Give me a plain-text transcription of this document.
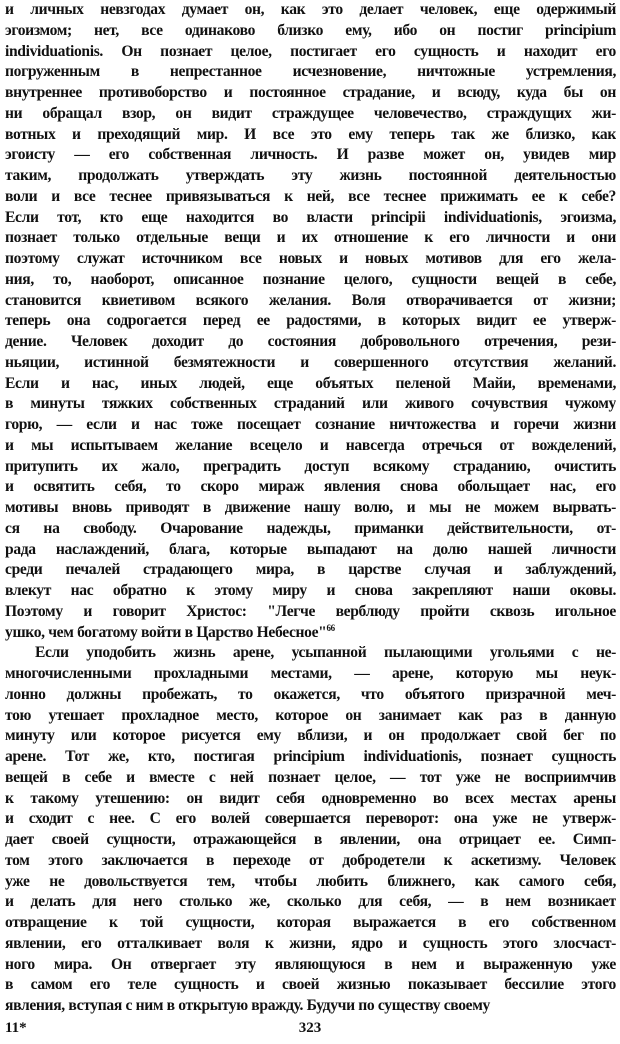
и личных невзгодах думает он, как это делает человек, еще одержимый
эгоизмом; нет, все одинаково близко ему, ибо он постиг principium
individuationis. Он познает целое, постигает его сущность и находит его
погруженным в непрестанное исчезновение, ничтожные устремления,
внутреннее противоборство и постоянное страдание, и всюду, куда бы он
ни обращал взор, он видит страждущее человечество, страждущих жи-
вотных и преходящий мир. И все это ему теперь так же близко, как
эгоисту — его собственная личность. И разве может он, увидев мир
таким, продолжать утверждать эту жизнь постоянной деятельностью
воли и все теснее привязываться к ней, все теснее прижимать ее к себе?
Если тот, кто еще находится во власти principii individuationis, эгоизма,
познает только отдельные вещи и их отношение к его личности и они
поэтому служат источником все новых и новых мотивов для его жела-
ния, то, наоборот, описанное познание целого, сущности вещей в себе,
становится квиетивом всякого желания. Воля отворачивается от жизни;
теперь она содрогается перед ее радостями, в которых видит ее утверж-
дение. Человек доходит до состояния добровольного отречения, рези-
ньяции, истинной безмятежности и совершенного отсутствия желаний.
Если и нас, иных людей, еще объятых пеленой Майи, временами,
в минуты тяжких собственных страданий или живого сочувствия чужому
горю, — если и нас тоже посещает сознание ничтожества и горечи жизни
и мы испытываем желание всецело и навсегда отречься от вожделений,
притупить их жало, преградить доступ всякому страданию, очистить
и освятить себя, то скоро мираж явления снова обольщает нас, его
мотивы вновь приводят в движение нашу волю, и мы не можем вырвать-
ся на свободу. Очарование надежды, приманки действительности, от-
рада наслаждений, блага, которые выпадают на долю нашей личности
среди печалей страдающего мира, в царстве случая и заблуждений,
влекут нас обратно к этому миру и снова закрепляют наши оковы.
Поэтому и говорит Христос: "Легче верблюду пройти сквозь игольное
ушко, чем богатому войти в Царство Небесное"$^{66}$
Если уподобить жизнь арене, усыпанной пылающими угольями с не-
многочисленными прохладными местами, — арене, которую мы неук-
лонно должны пробежать, то окажется, что объятого призрачной меч-
тою утешает прохладное место, которое он занимает как раз в данную
минуту или которое рисуется ему вблизи, и он продолжает свой бег по
арене. Тот же, кто, постигая principium individuationis, познает сущность
вещей в себе и вместе с ней познает целое, — тот уже не восприимчив
к такому утешению: он видит себя одновременно во всех местах арены
и сходит с нее. С его волей совершается переворот: она уже не утверж-
дает своей сущности, отражающейся в явлении, она отрицает ее. Симп-
том этого заключается в переходе от добродетели к аскетизму. Человек
уже не довольствуется тем, чтобы любить ближнего, как самого себя,
и делать для него столько же, сколько для себя, — в нем возникает
отвращение к той сущности, которая выражается в его собственном
явлении, его отталкивает воля к жизни, ядро и сущность этого злосчаст-
ного мира. Он отвергает эту являющуюся в нем и выраженную уже
в самом его теле сущность и своей жизнью показывает бессилие этого
явления, вступая с ним в открытую вражду. Будучи по существу своему
11*	323
